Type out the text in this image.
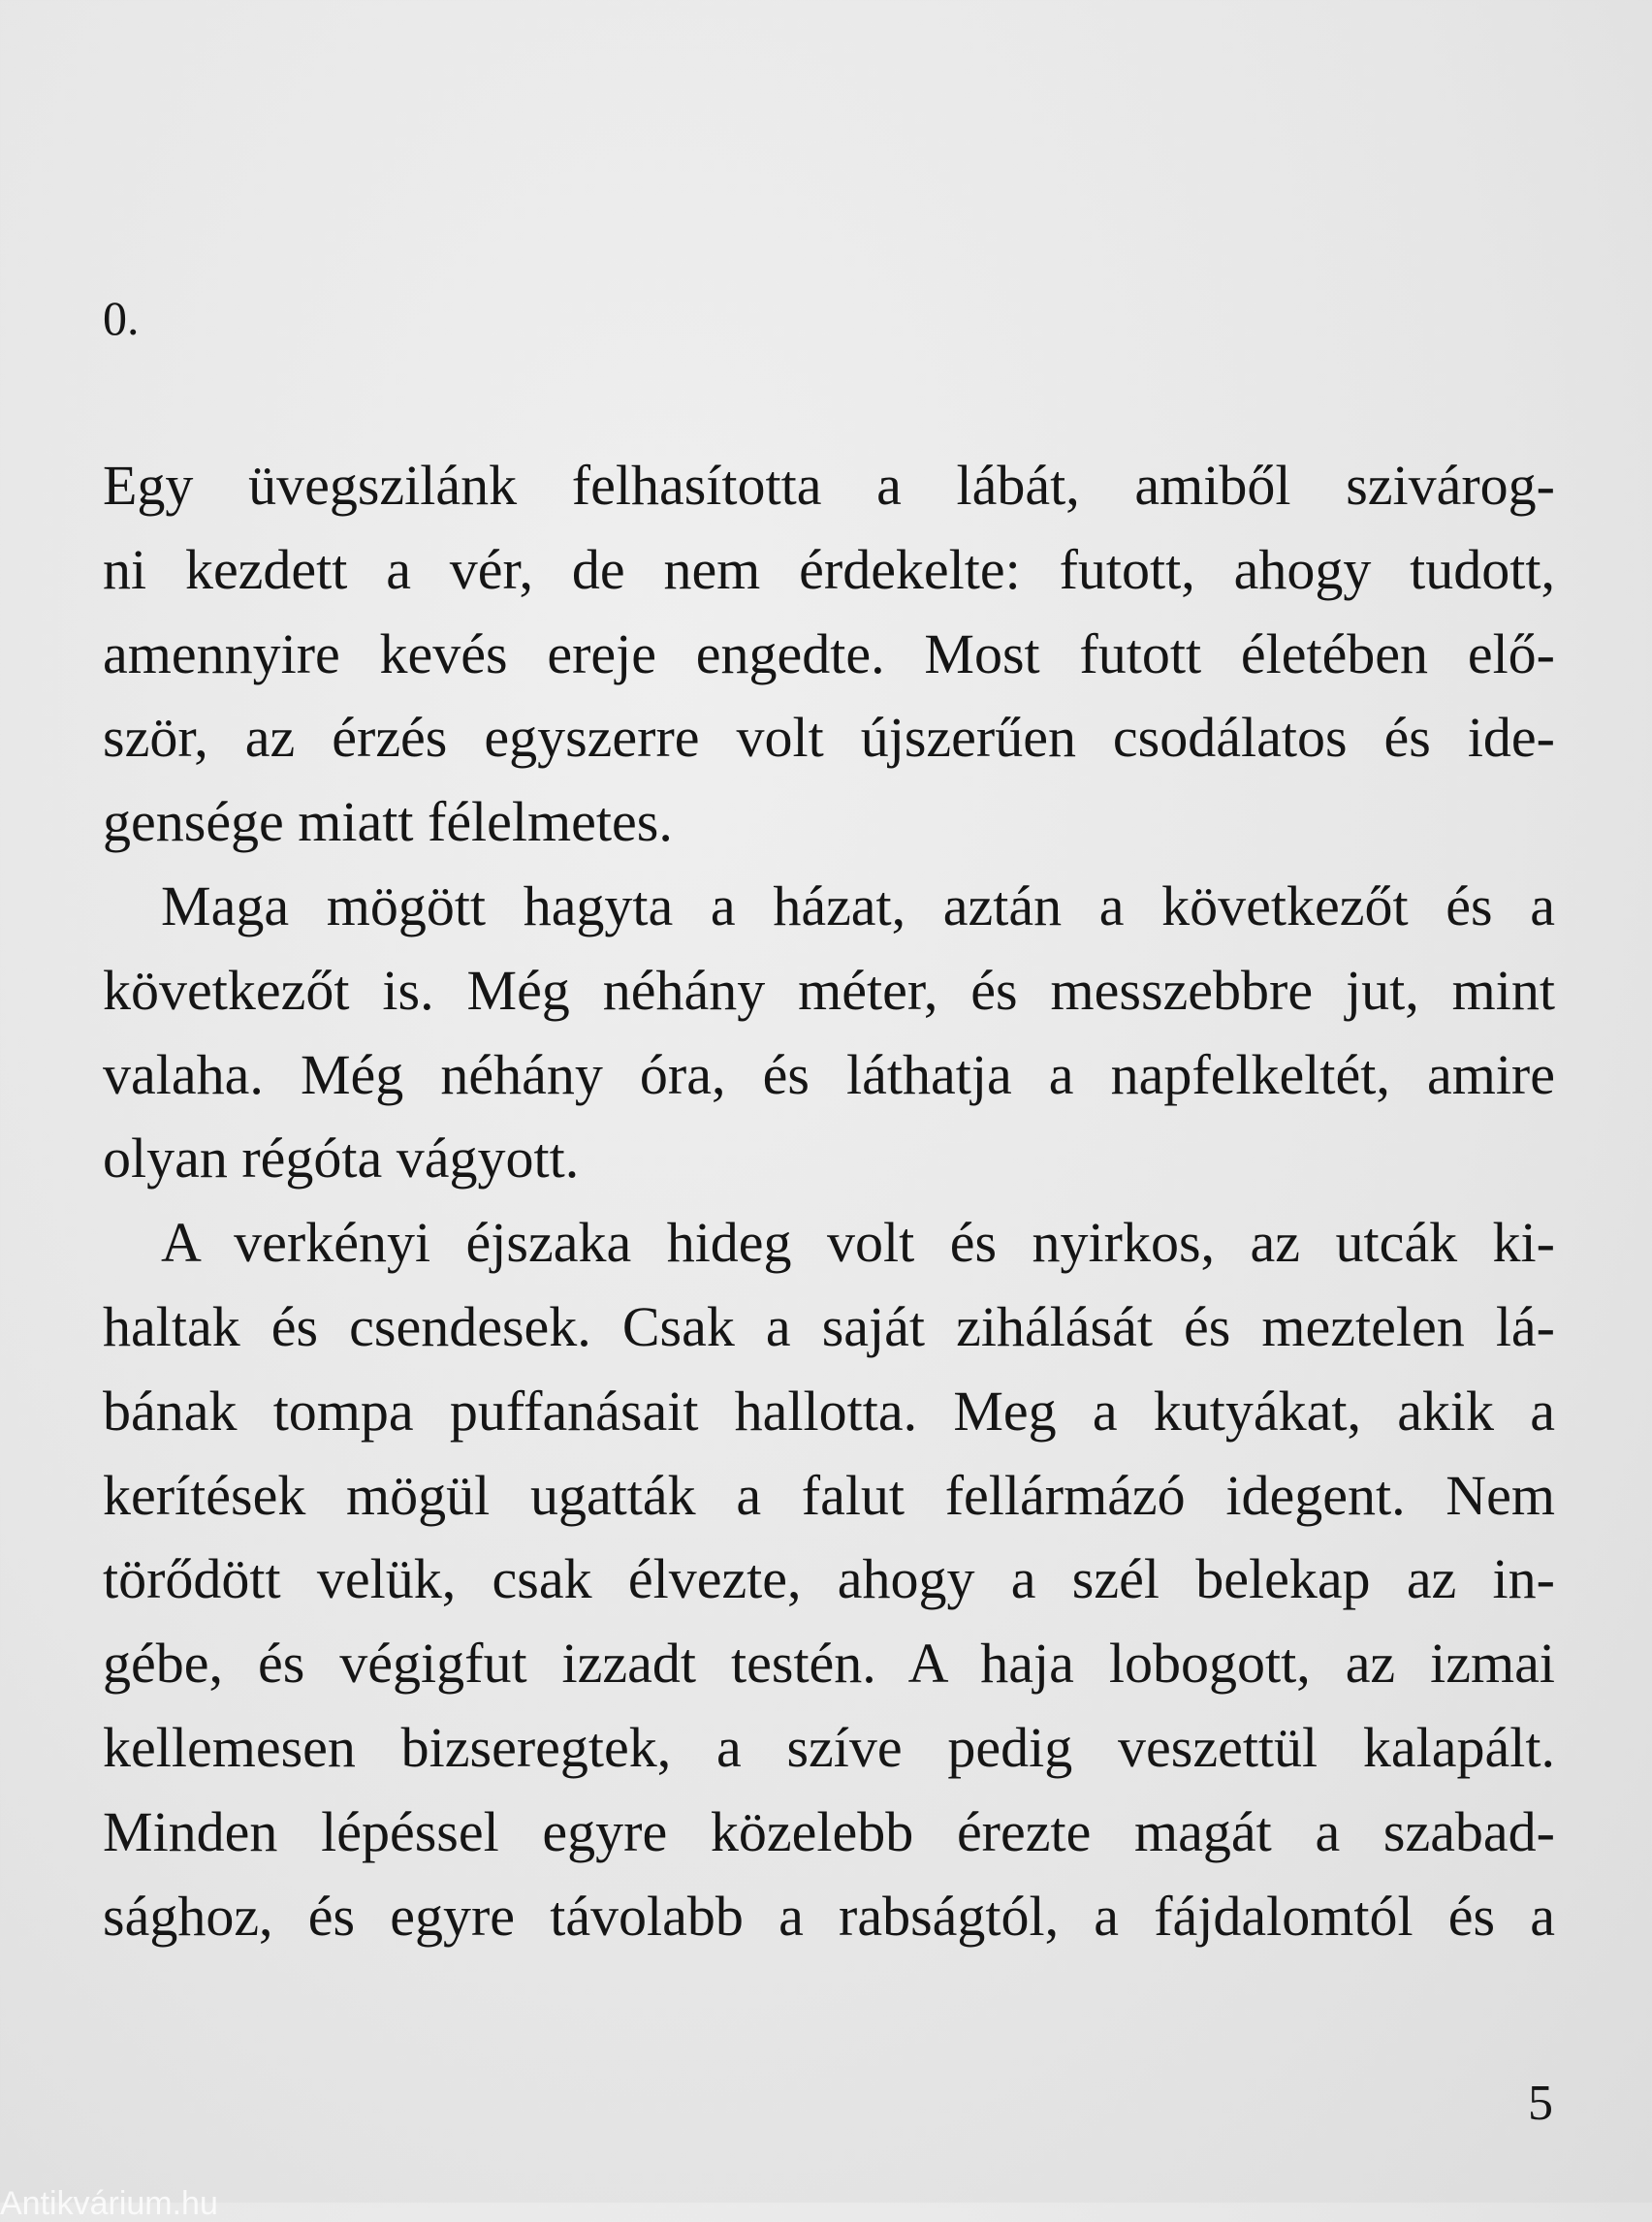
0.
Egy üvegszilánk felhasította a lábát, amiből szivárog-
ni kezdett a vér, de nem érdekelte: futott, ahogy tudott,
amennyire kevés ereje engedte. Most futott életében elő-
ször, az érzés egyszerre volt újszerűen csodálatos és ide-
gensége miatt félelmetes.
Maga mögött hagyta a házat, aztán a következőt és a
következőt is. Még néhány méter, és messzebbre jut, mint
valaha. Még néhány óra, és láthatja a napfelkeltét, amire
olyan régóta vágyott.
A verkényi éjszaka hideg volt és nyirkos, az utcák ki-
haltak és csendesek. Csak a saját zihálását és meztelen lá-
bának tompa puffanásait hallotta. Meg a kutyákat, akik a
kerítések mögül ugatták a falut fellármázó idegent. Nem
törődött velük, csak élvezte, ahogy a szél belekap az in-
gébe, és végigfut izzadt testén. A haja lobogott, az izmai
kellemesen bizseregtek, a szíve pedig veszettül kalapált.
Minden lépéssel egyre közelebb érezte magát a szabad-
sághoz, és egyre távolabb a rabságtól, a fájdalomtól és a
5
Antikvárium.hu
